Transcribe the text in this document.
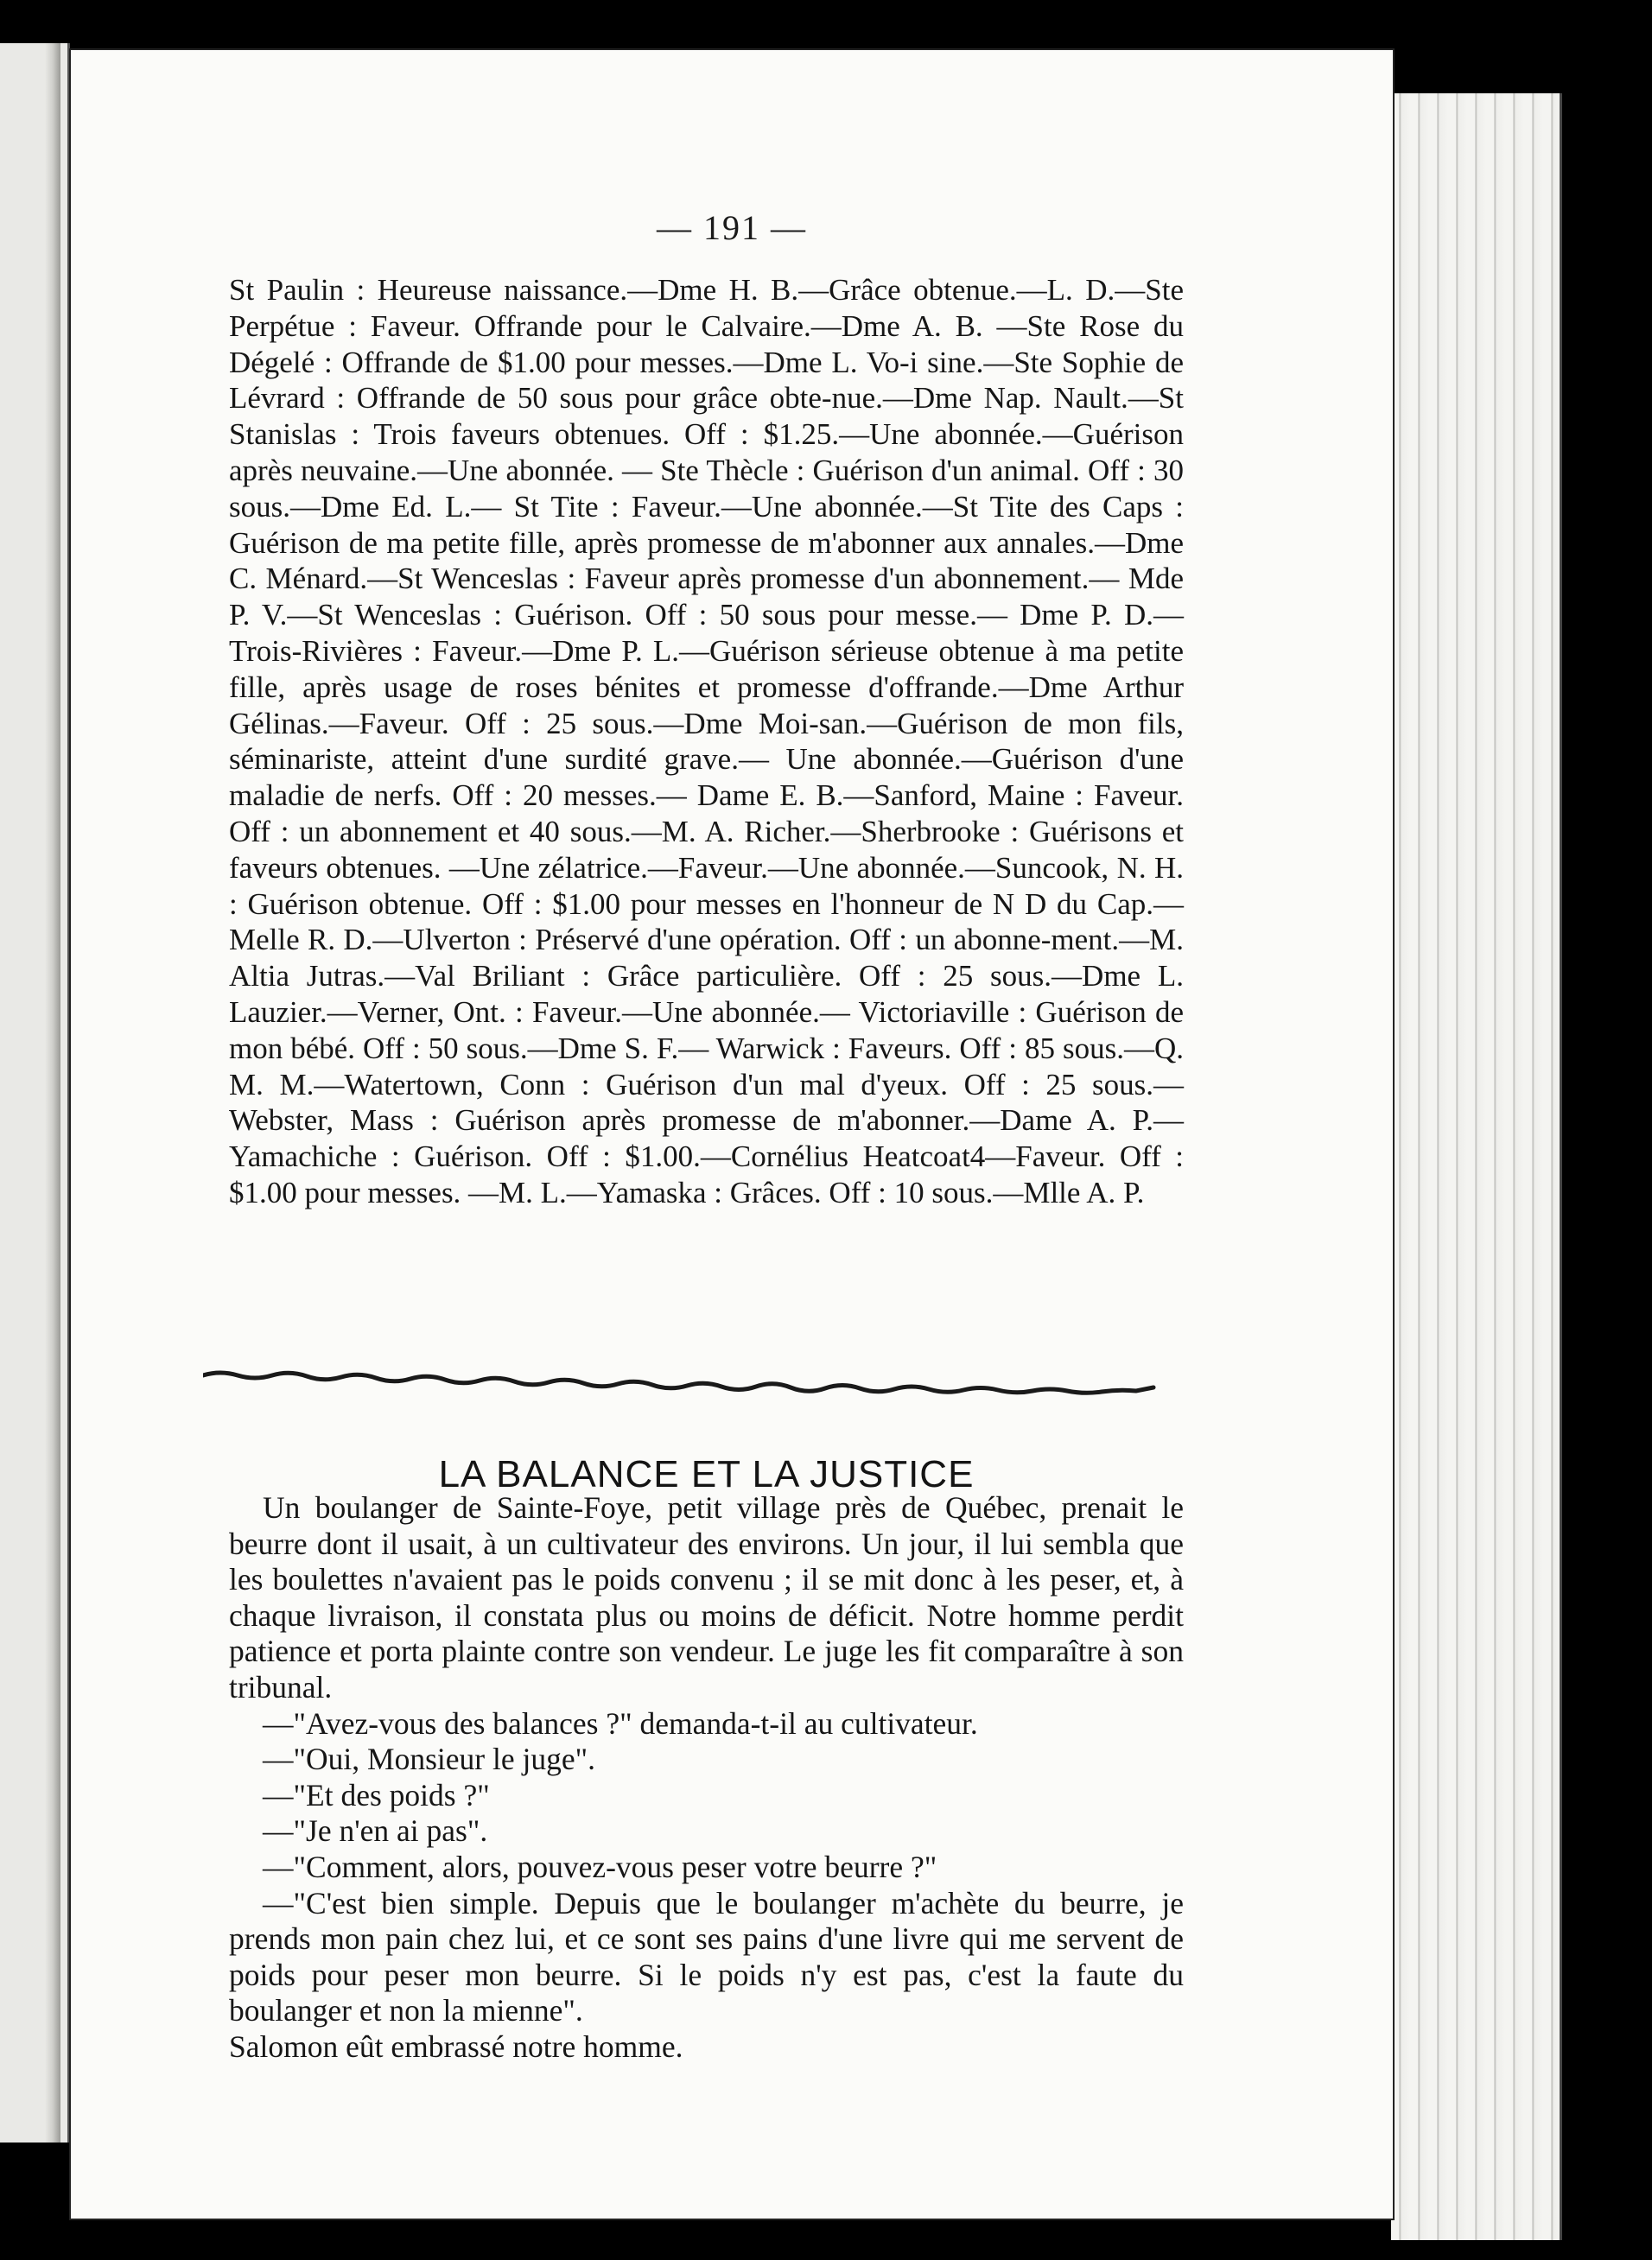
— 191 —

St Paulin : Heureuse naissance.—Dme H. B.—Grâce obtenue.—L. D.—Ste Perpétue : Faveur. Offrande pour le Calvaire.—Dme A. B. —Ste Rose du Dégelé : Offrande de $1.00 pour messes.—Dme L. Vo-i sine.—Ste Sophie de Lévrard : Offrande de 50 sous pour grâce obte-nue.—Dme Nap. Nault.—St Stanislas : Trois faveurs obtenues. Off : $1.25.—Une abonnée.—Guérison après neuvaine.—Une abonnée. — Ste Thècle : Guérison d'un animal. Off : 30 sous.—Dme Ed. L.— St Tite : Faveur.—Une abonnée.—St Tite des Caps : Guérison de ma petite fille, après promesse de m'abonner aux annales.—Dme C. Ménard.—St Wenceslas : Faveur après promesse d'un abonnement.— Mde P. V.—St Wenceslas : Guérison. Off : 50 sous pour messe.— Dme P. D.—Trois-Rivières : Faveur.—Dme P. L.—Guérison sérieuse obtenue à ma petite fille, après usage de roses bénites et promesse d'offrande.—Dme Arthur Gélinas.—Faveur. Off : 25 sous.—Dme Moi-san.—Guérison de mon fils, séminariste, atteint d'une surdité grave.— Une abonnée.—Guérison d'une maladie de nerfs. Off : 20 messes.— Dame E. B.—Sanford, Maine : Faveur. Off : un abonnement et 40 sous.—M. A. Richer.—Sherbrooke : Guérisons et faveurs obtenues. —Une zélatrice.—Faveur.—Une abonnée.—Suncook, N. H. : Guérison obtenue. Off : $1.00 pour messes en l'honneur de N D du Cap.— Melle R. D.—Ulverton : Préservé d'une opération. Off : un abonne-ment.—M. Altia Jutras.—Val Briliant : Grâce particulière. Off : 25 sous.—Dme L. Lauzier.—Verner, Ont. : Faveur.—Une abonnée.— Victoriaville : Guérison de mon bébé. Off : 50 sous.—Dme S. F.— Warwick : Faveurs. Off : 85 sous.—Q. M. M.—Watertown, Conn : Guérison d'un mal d'yeux. Off : 25 sous.—Webster, Mass : Guérison après promesse de m'abonner.—Dame A. P.—Yamachiche : Guérison. Off : $1.00.—Cornélius Heatcoat4—Faveur. Off : $1.00 pour messes. —M. L.—Yamaska : Grâces. Off : 10 sous.—Mlle A. P.

LA BALANCE ET LA JUSTICE

Un boulanger de Sainte-Foye, petit village près de Québec, prenait le beurre dont il usait, à un cultivateur des environs. Un jour, il lui sembla que les boulettes n'avaient pas le poids convenu ; il se mit donc à les peser, et, à chaque livraison, il constata plus ou moins de déficit. Notre homme perdit patience et porta plainte contre son vendeur. Le juge les fit comparaître à son tribunal.

—"Avez-vous des balances ?" demanda-t-il au cultivateur.

—"Oui, Monsieur le juge".

—"Et des poids ?"

—"Je n'en ai pas".

—"Comment, alors, pouvez-vous peser votre beurre ?"

—"C'est bien simple. Depuis que le boulanger m'achète du beurre, je prends mon pain chez lui, et ce sont ses pains d'une livre qui me servent de poids pour peser mon beurre. Si le poids n'y est pas, c'est la faute du boulanger et non la mienne".

Salomon eût embrassé notre homme.
